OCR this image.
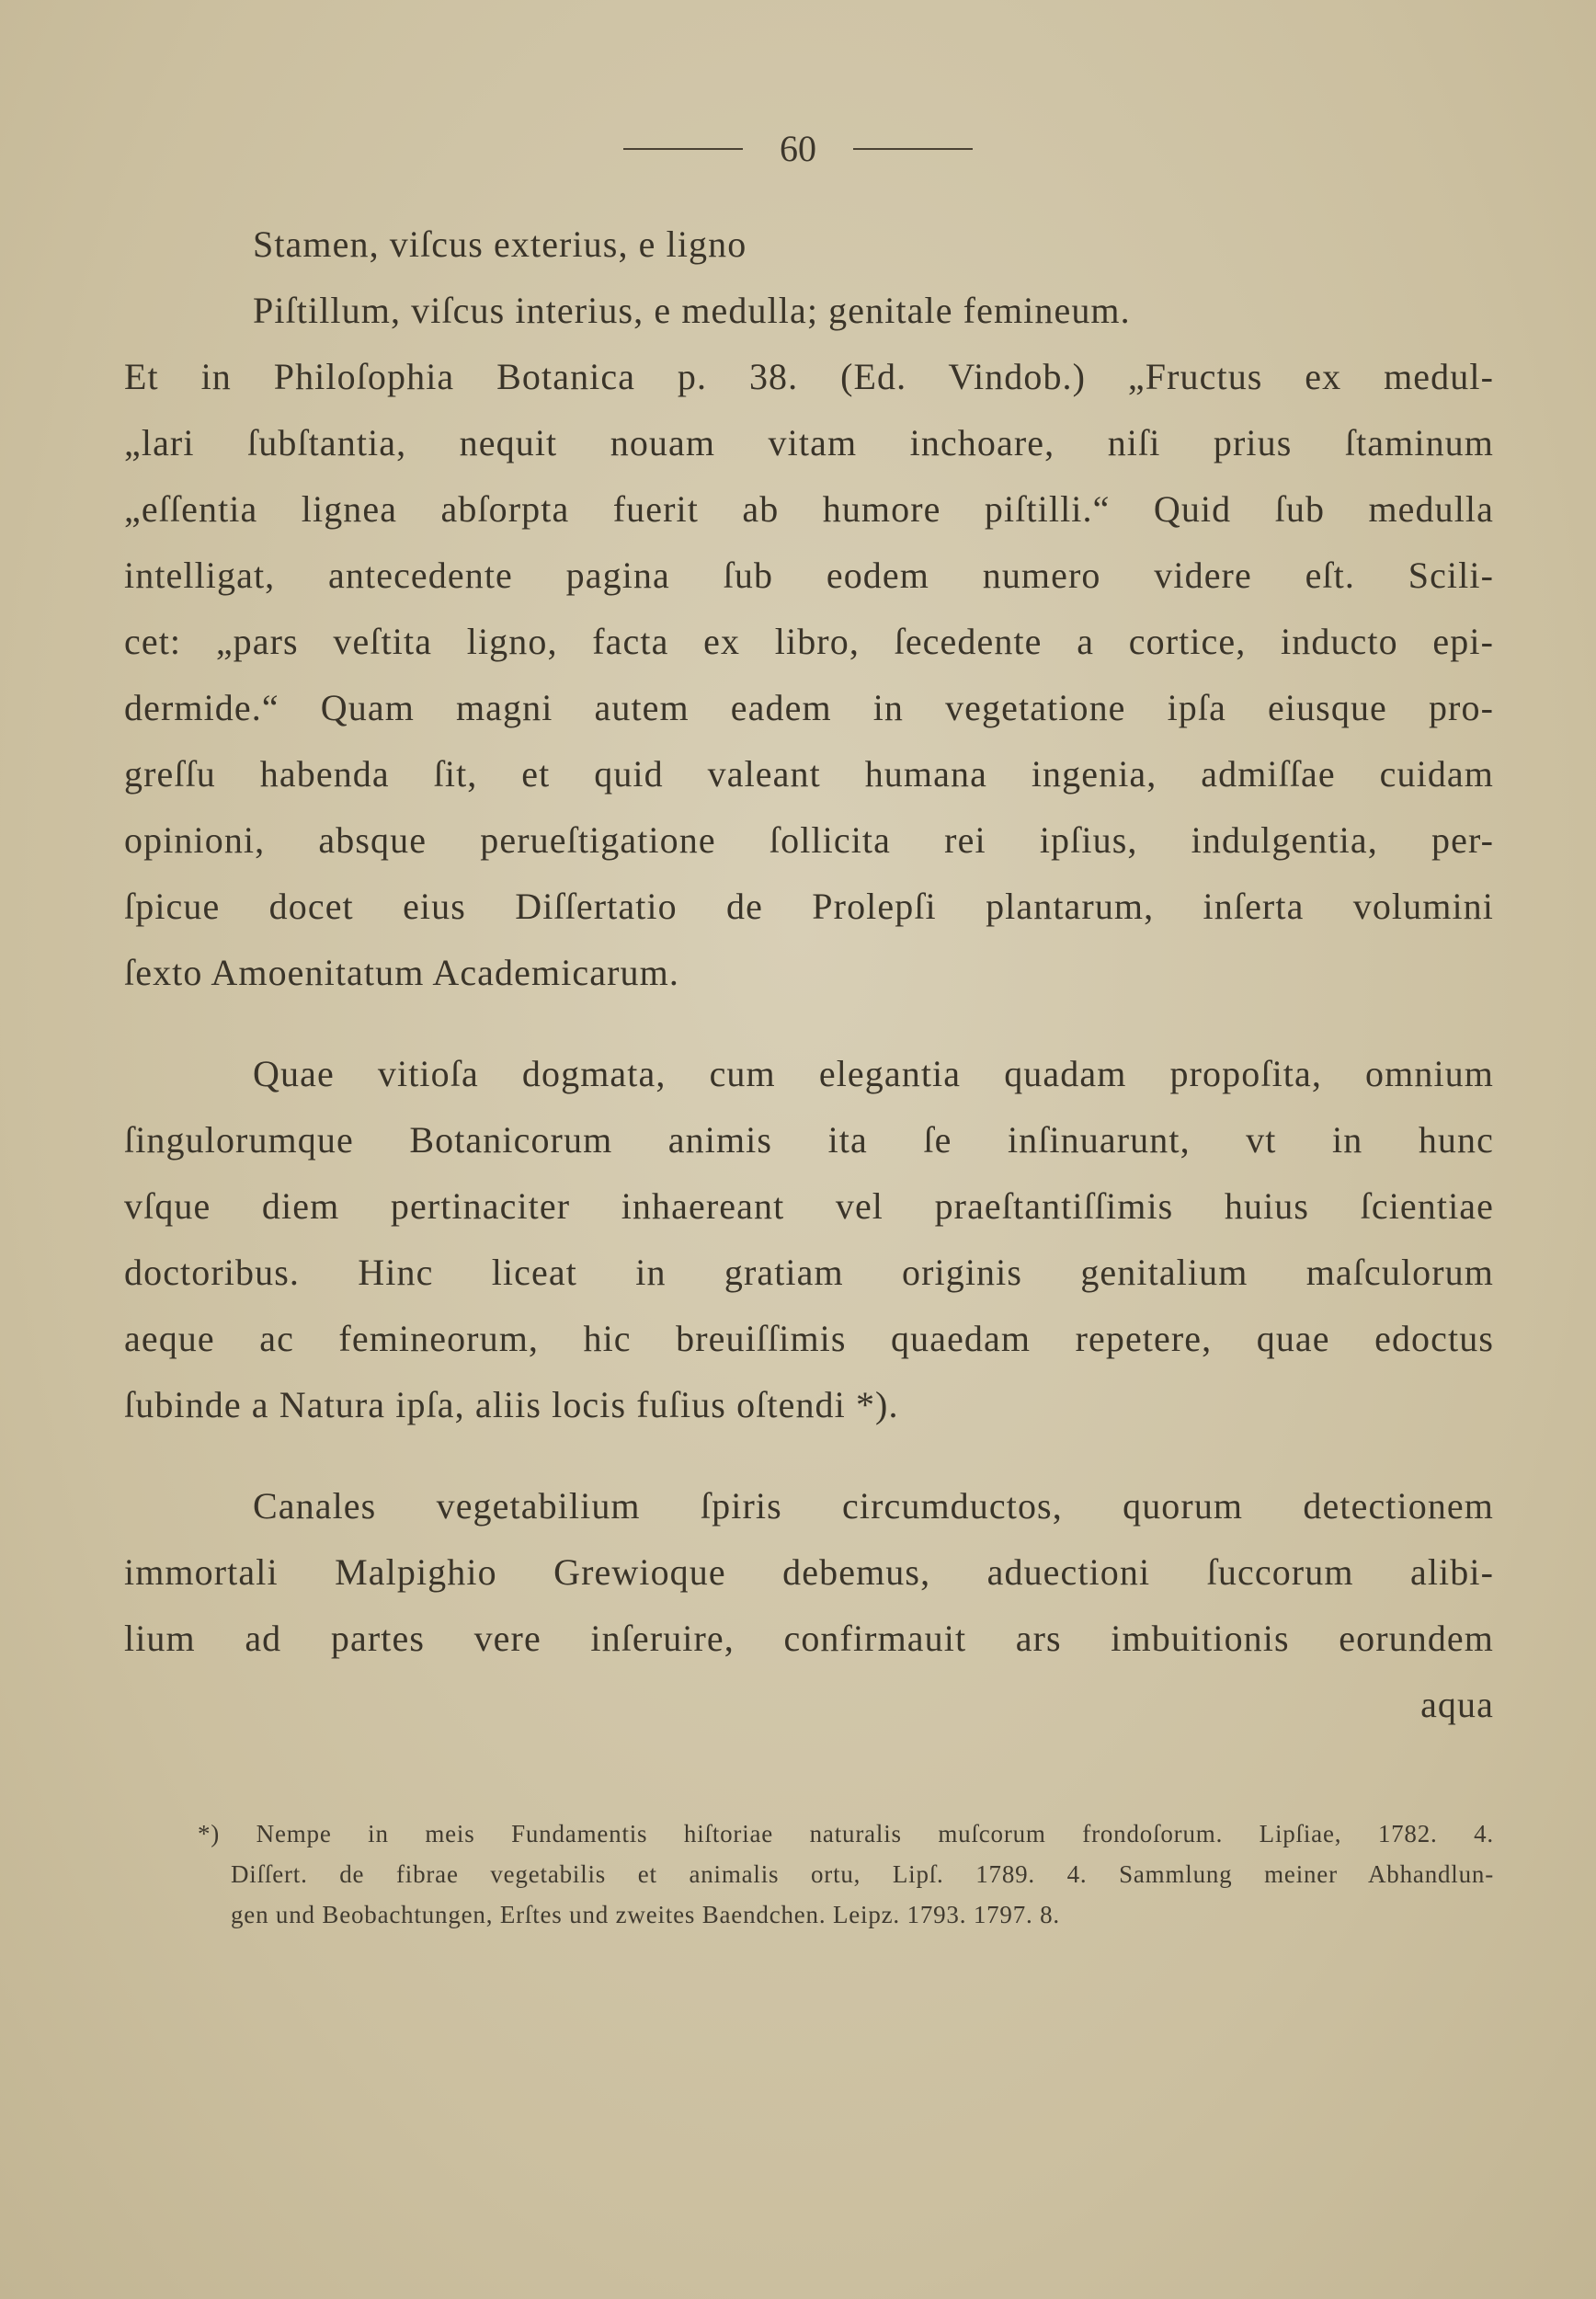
60
Stamen, viſcus exterius, e ligno
Piſtillum, viſcus interius, e medulla; genitale femineum.
Et in Philoſophia Botanica p. 38. (Ed. Vindob.) „Fructus ex medul-
„lari ſubſtantia, nequit nouam vitam inchoare, niſi prius ſtaminum
„eſſentia lignea abſorpta fuerit ab humore piſtilli.“ Quid ſub medulla
intelligat, antecedente pagina ſub eodem numero videre eſt. Scili-
cet: „pars veſtita ligno, facta ex libro, ſecedente a cortice, inducto epi-
dermide.“ Quam magni autem eadem in vegetatione ipſa eiusque pro-
greſſu habenda ſit, et quid valeant humana ingenia, admiſſae cuidam
opinioni, absque perueſtigatione ſollicita rei ipſius, indulgentia, per-
ſpicue docet eius Diſſertatio de Prolepſi plantarum, inſerta volumini
ſexto Amoenitatum Academicarum.
Quae vitioſa dogmata, cum elegantia quadam propoſita, omnium
ſingulorumque Botanicorum animis ita ſe inſinuarunt, vt in hunc
vſque diem pertinaciter inhaereant vel praeſtantiſſimis huius ſcientiae
doctoribus. Hinc liceat in gratiam originis genitalium maſculorum
aeque ac femineorum, hic breuiſſimis quaedam repetere, quae edoctus
ſubinde a Natura ipſa, aliis locis fuſius oſtendi *).
Canales vegetabilium ſpiris circumductos, quorum detectionem
immortali Malpighio Grewioque debemus, aduectioni ſuccorum alibi-
lium ad partes vere inſeruire, confirmauit ars imbuitionis eorundem
aqua
*) Nempe in meis Fundamentis hiſtoriae naturalis muſcorum frondoſorum. Lipſiae, 1782. 4.
Diſſert. de fibrae vegetabilis et animalis ortu, Lipſ. 1789. 4. Sammlung meiner Abhandlun-
gen und Beobachtungen, Erſtes und zweites Baendchen. Leipz. 1793. 1797. 8.
